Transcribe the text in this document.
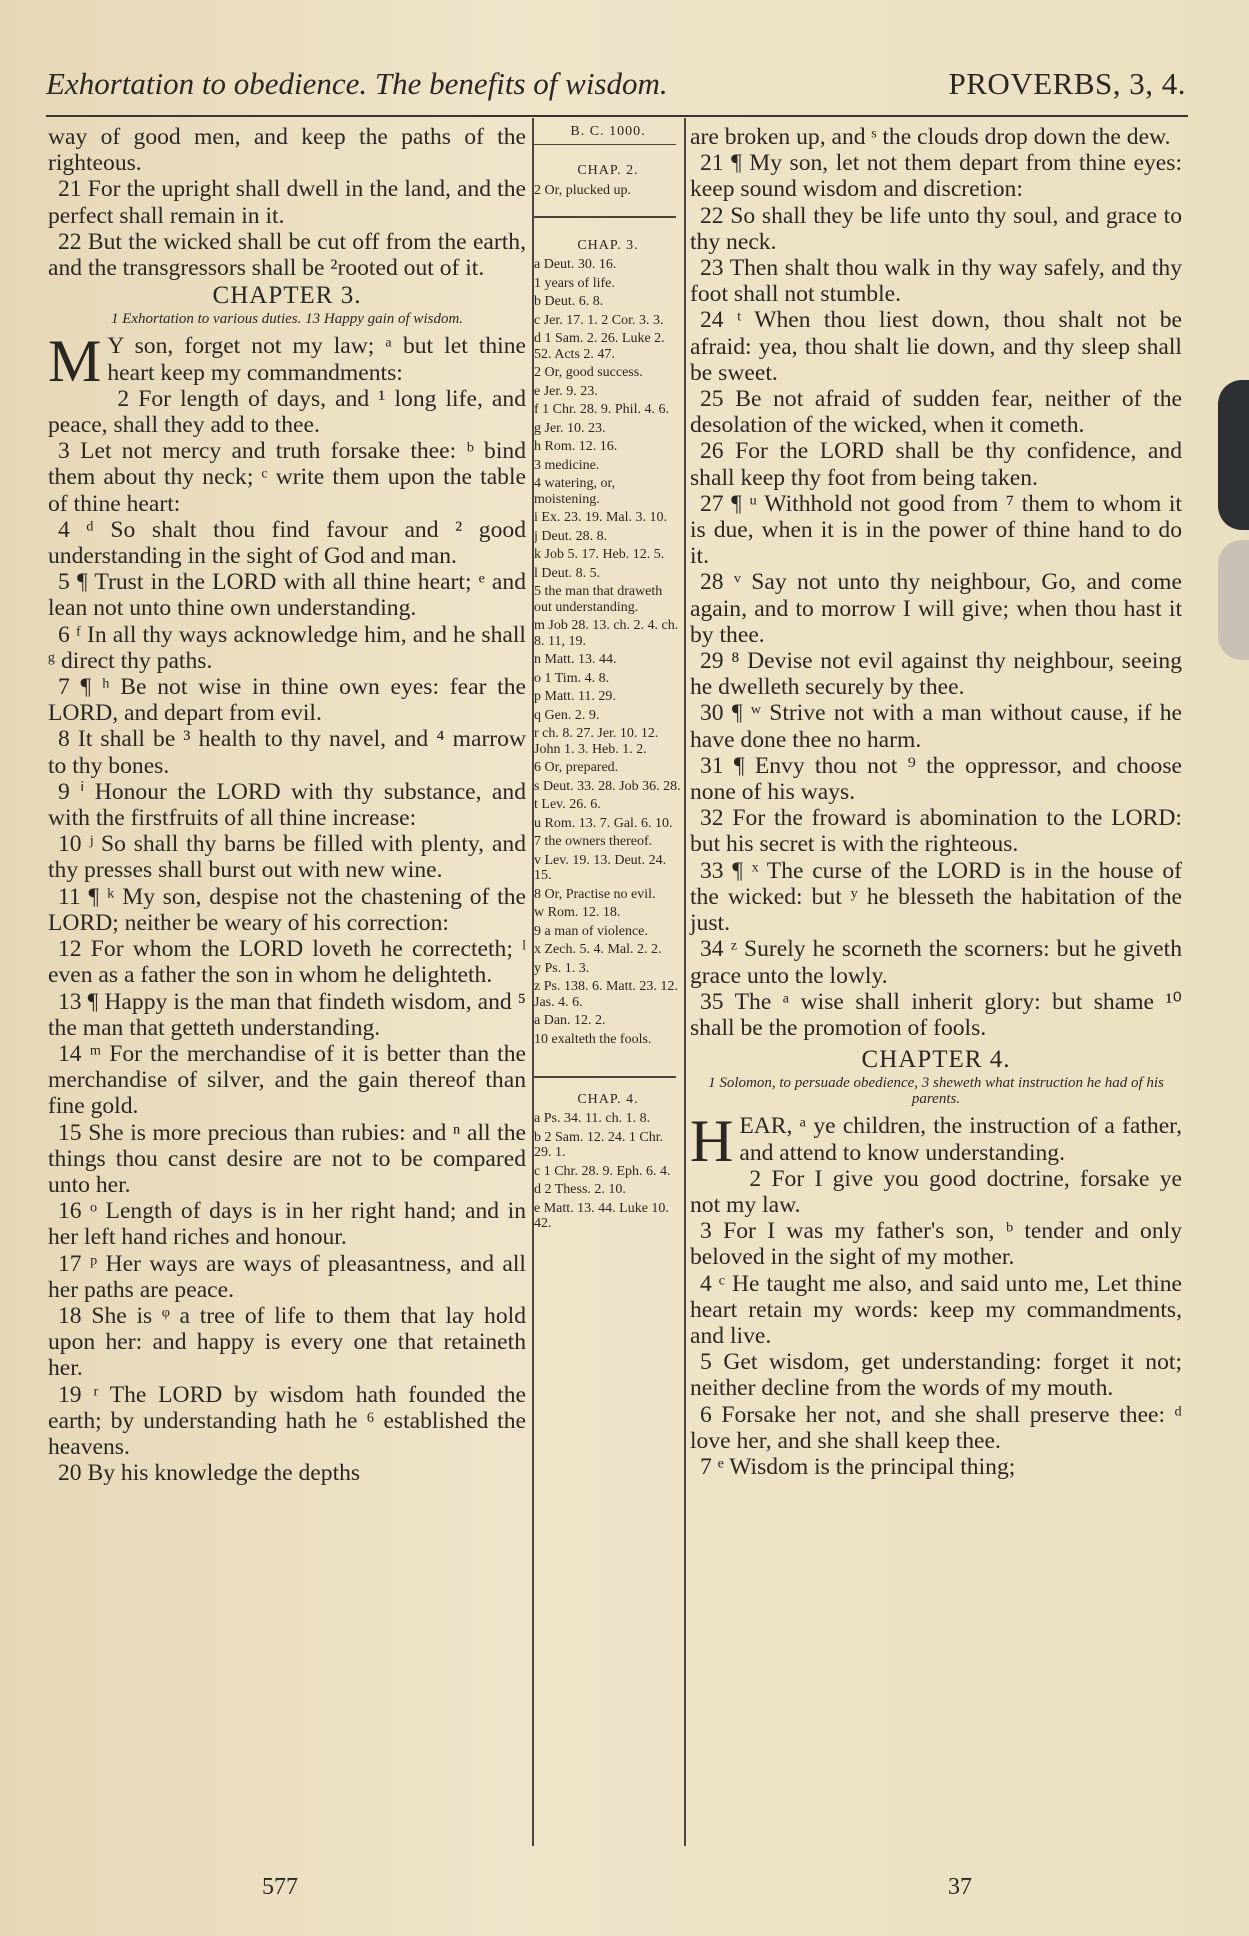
Exhortation to obedience. The benefits of wisdom.	PROVERBS, 3, 4.

way of good men, and keep the paths of the righteous.

21 For the upright shall dwell in the land, and the perfect shall remain in it.

22 But the wicked shall be cut off from the earth, and the transgressors shall be ²rooted out of it.

CHAPTER 3.
1 Exhortation to various duties. 13 Happy gain of wisdom.

M Y son, forget not my law; ᵃ but let thine heart keep my commandments:

2 For length of days, and ¹ long life, and peace, shall they add to thee.

3 Let not mercy and truth forsake thee: ᵇ bind them about thy neck; ᶜ write them upon the table of thine heart:

4 ᵈ So shalt thou find favour and ² good understanding in the sight of God and man.

5 ¶ Trust in the LORD with all thine heart; ᵉ and lean not unto thine own understanding.

6 ᶠ In all thy ways acknowledge him, and he shall ᵍ direct thy paths.

7 ¶ ʰ Be not wise in thine own eyes: fear the LORD, and depart from evil.

8 It shall be ³ health to thy navel, and ⁴ marrow to thy bones.

9 ⁱ Honour the LORD with thy substance, and with the firstfruits of all thine increase:

10 ʲ So shall thy barns be filled with plenty, and thy presses shall burst out with new wine.

11 ¶ ᵏ My son, despise not the chastening of the LORD; neither be weary of his correction:

12 For whom the LORD loveth he correcteth; ˡ even as a father the son in whom he delighteth.

13 ¶ Happy is the man that findeth wisdom, and ⁵ the man that getteth understanding.

14 ᵐ For the merchandise of it is better than the merchandise of silver, and the gain thereof than fine gold.

15 She is more precious than rubies: and ⁿ all the things thou canst desire are not to be compared unto her.

16 ᵒ Length of days is in her right hand; and in her left hand riches and honour.

17 ᵖ Her ways are ways of pleasantness, and all her paths are peace.

18 She is ᵠ a tree of life to them that lay hold upon her: and happy is every one that retaineth her.

19 ʳ The LORD by wisdom hath founded the earth; by understanding hath he ⁶ established the heavens.

20 By his knowledge the depths

B. C. 1000.
CHAP. 2.
2 Or, plucked up.
CHAP. 3.
a Deut. 30. 16.
1 years of life.
b Deut. 6. 8.
c Jer. 17. 1. 2 Cor. 3. 3.
d 1 Sam. 2. 26. Luke 2. 52. Acts 2. 47.
2 Or, good success.
e Jer. 9. 23.
f 1 Chr. 28. 9. Phil. 4. 6.
g Jer. 10. 23.
h Rom. 12. 16.
3 medicine.
4 watering, or, moistening.
i Ex. 23. 19. Mal. 3. 10.
j Deut. 28. 8.
k Job 5. 17. Heb. 12. 5.
l Deut. 8. 5.
5 the man that draweth out understanding.
m Job 28. 13. ch. 2. 4. ch. 8. 11, 19.
n Matt. 13. 44.
o 1 Tim. 4. 8.
p Matt. 11. 29.
q Gen. 2. 9.
r ch. 8. 27. Jer. 10. 12. John 1. 3. Heb. 1. 2.
6 Or, prepared.
s Deut. 33. 28. Job 36. 28.
t Lev. 26. 6.
u Rom. 13. 7. Gal. 6. 10.
7 the owners thereof.
v Lev. 19. 13. Deut. 24. 15.
8 Or, Practise no evil.
w Rom. 12. 18.
9 a man of violence.
x Zech. 5. 4. Mal. 2. 2.
y Ps. 1. 3.
z Ps. 138. 6. Matt. 23. 12. Jas. 4. 6.
a Dan. 12. 2.
10 exalteth the fools.
CHAP. 4.
a Ps. 34. 11. ch. 1. 8.
b 2 Sam. 12. 24. 1 Chr. 29. 1.
c 1 Chr. 28. 9. Eph. 6. 4.
d 2 Thess. 2. 10.
e Matt. 13. 44. Luke 10. 42.

are broken up, and ˢ the clouds drop down the dew.

21 ¶ My son, let not them depart from thine eyes: keep sound wisdom and discretion:

22 So shall they be life unto thy soul, and grace to thy neck.

23 Then shalt thou walk in thy way safely, and thy foot shall not stumble.

24 ᵗ When thou liest down, thou shalt not be afraid: yea, thou shalt lie down, and thy sleep shall be sweet.

25 Be not afraid of sudden fear, neither of the desolation of the wicked, when it cometh.

26 For the LORD shall be thy confidence, and shall keep thy foot from being taken.

27 ¶ ᵘ Withhold not good from ⁷ them to whom it is due, when it is in the power of thine hand to do it.

28 ᵛ Say not unto thy neighbour, Go, and come again, and to morrow I will give; when thou hast it by thee.

29 ⁸ Devise not evil against thy neighbour, seeing he dwelleth securely by thee.

30 ¶ ʷ Strive not with a man without cause, if he have done thee no harm.

31 ¶ Envy thou not ⁹ the oppressor, and choose none of his ways.

32 For the froward is abomination to the LORD: but his secret is with the righteous.

33 ¶ ˣ The curse of the LORD is in the house of the wicked: but ʸ he blesseth the habitation of the just.

34 ᶻ Surely he scorneth the scorners: but he giveth grace unto the lowly.

35 The ᵃ wise shall inherit glory: but shame ¹⁰ shall be the promotion of fools.

CHAPTER 4.
1 Solomon, to persuade obedience, 3 sheweth what instruction he had of his parents.

HEAR, ᵃ ye children, the instruction of a father, and attend to know understanding.

2 For I give you good doctrine, forsake ye not my law.

3 For I was my father's son, ᵇ tender and only beloved in the sight of my mother.

4 ᶜ He taught me also, and said unto me, Let thine heart retain my words: keep my commandments, and live.

5 Get wisdom, get understanding: forget it not; neither decline from the words of my mouth.

6 Forsake her not, and she shall preserve thee: ᵈ love her, and she shall keep thee.

7 ᵉ Wisdom is the principal thing;

577	37
